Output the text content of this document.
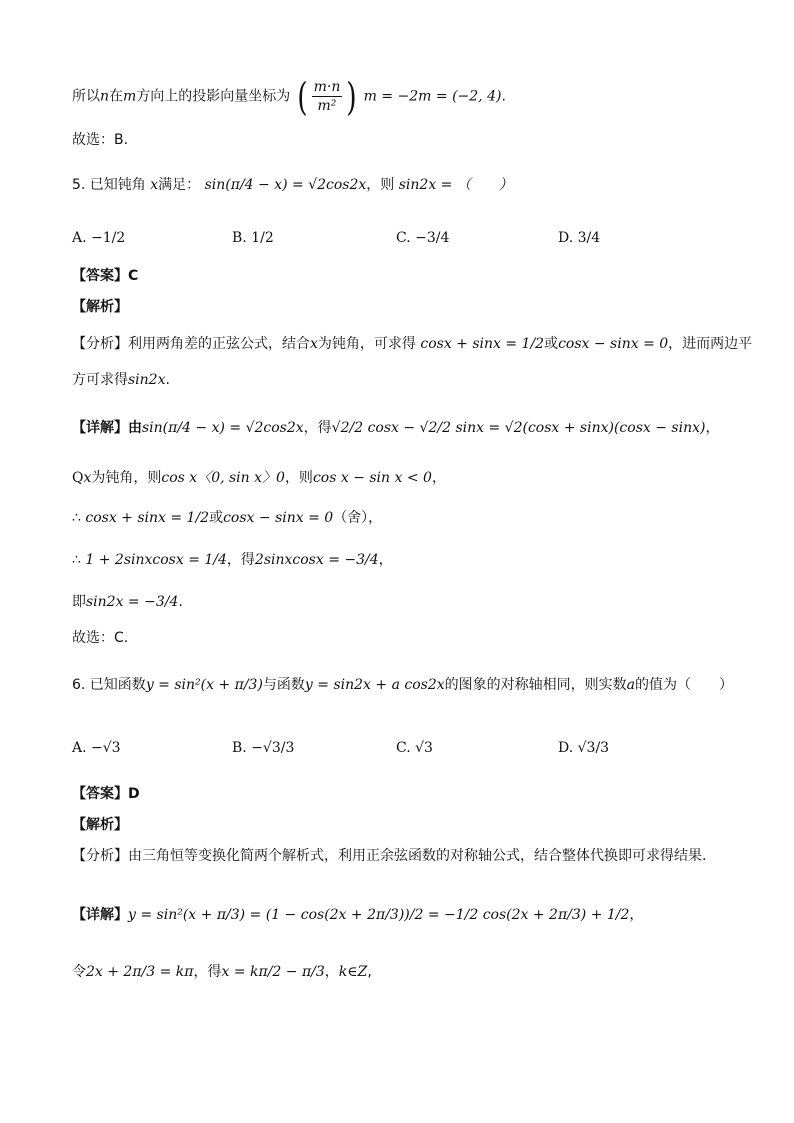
所以n在m方向上的投影向量坐标为 ( $\frac{m\cdot n}{\text{m²}}$ ) m = −2m = (−2, 4).
故选：B.
5. 已知钝角 x满足： sin(π/4 − x) = √2cos2x，则 sin2x = （　　）
A. −1/2	B. 1/2	C. −3/4	D. 3/4
【答案】C
【解析】
【分析】利用两角差的正弦公式，结合x为钝角，可求得 cosx + sinx = 1/2或cosx − sinx = 0，进而两边平
方可求得sin2x.
【详解】由sin(π/4 − x) = √2cos2x，得√2/2 cosx − √2/2 sinx = √2(cosx + sinx)(cosx − sinx)，
Qx为钝角，则cos x〈0, sin x〉0，则cos x − sin x < 0，
∴ cosx + sinx = 1/2或cosx − sinx = 0（舍），
∴ 1 + 2sinxcosx = 1/4，得2sinxcosx = −3/4，
即sin2x = −3/4.
故选：C.
6. 已知函数y = sin²(x + π/3)与函数y = sin2x + a cos2x的图象的对称轴相同，则实数a的值为（　　）
A. −√3	B. −√3/3	C. √3	D. √3/3
【答案】D
【解析】
【分析】由三角恒等变换化简两个解析式，利用正余弦函数的对称轴公式，结合整体代换即可求得结果.
【详解】y = sin²(x + π/3) = (1 − cos(2x + 2π/3))/2 = −1/2 cos(2x + 2π/3) + 1/2，
令2x + 2π/3 = kπ，得x = kπ/2 − π/3，k∈Z,
